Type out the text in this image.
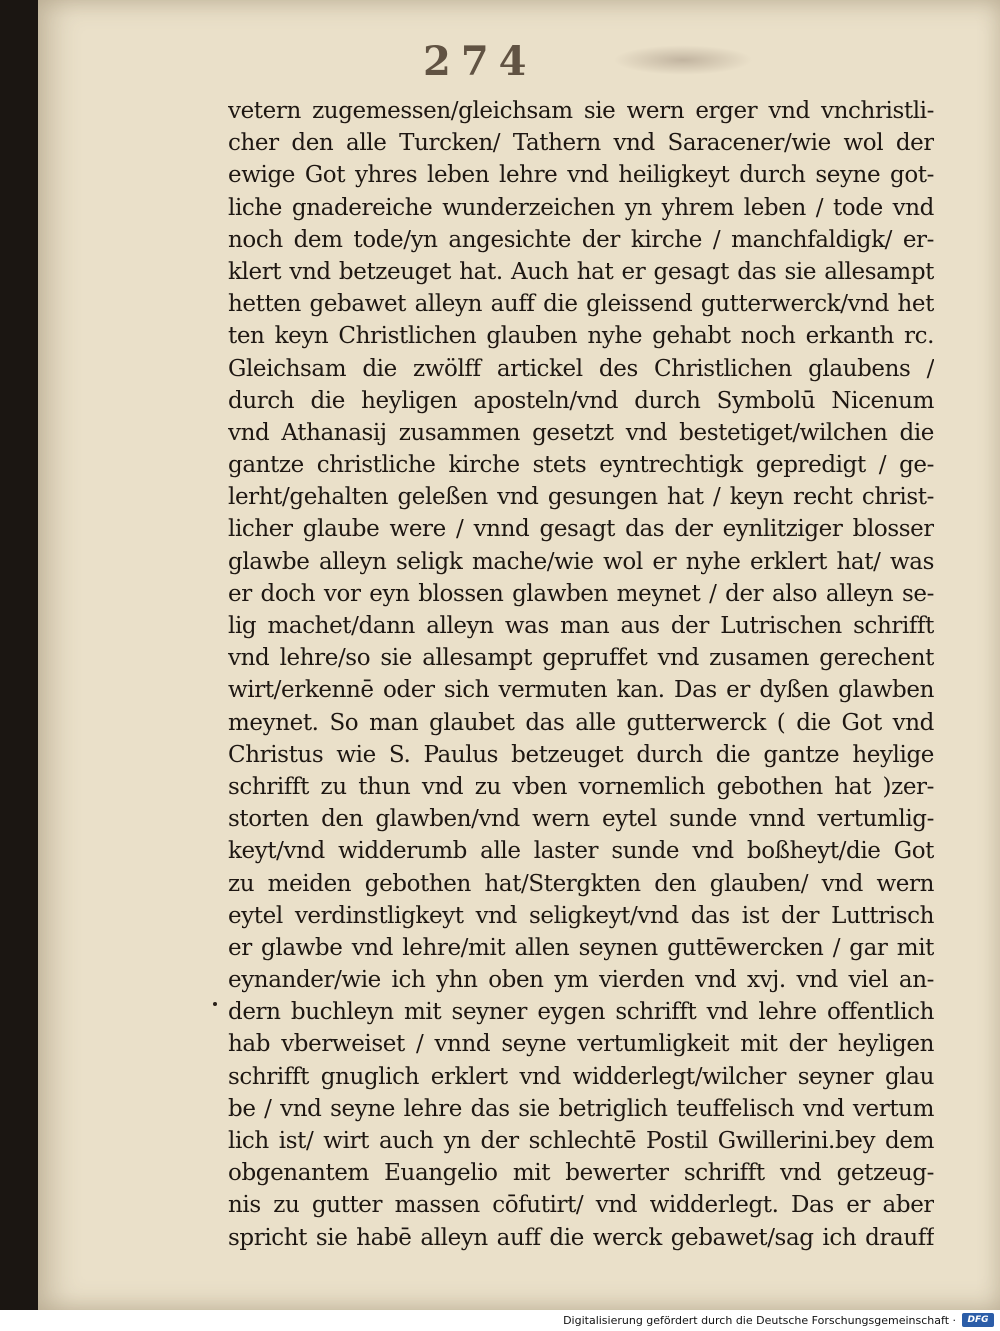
274
vetern zugemessen/gleichsam sie wern erger vnd vnchristli-
cher den alle Turcken/ Tathern vnd Saracener/wie wol der
ewige Got yhres leben lehre vnd heiligkeyt durch seyne got-
liche gnadereiche wunderzeichen yn yhrem leben / tode vnd
noch dem tode/yn angesichte der kirche / manchfaldigk/ er-
klert vnd betzeuget hat. Auch hat er gesagt das sie allesampt
hetten gebawet alleyn auff die gleissend gutterwerck/vnd het
ten keyn Christlichen glauben nyhe gehabt noch erkanth rc.
Gleichsam die zwölff artickel des Christlichen glaubens /
durch die heyligen aposteln/vnd durch Symbolū Nicenum
vnd Athanasij zusammen gesetzt vnd bestetiget/wilchen die
gantze christliche kirche stets eyntrechtigk gepredigt / ge-
lerht/gehalten geleßen vnd gesungen hat / keyn recht christ-
licher glaube were / vnnd gesagt das der eynlitziger blosser
glawbe alleyn seligk mache/wie wol er nyhe erklert hat/ was
er doch vor eyn blossen glawben meynet / der also alleyn se-
lig machet/dann alleyn was man aus der Lutrischen schrifft
vnd lehre/so sie allesampt gepruffet vnd zusamen gerechent
wirt/erkennē oder sich vermuten kan. Das er dyßen glawben
meynet. So man glaubet das alle gutterwerck ( die Got vnd
Christus wie S. Paulus betzeuget durch die gantze heylige
schrifft zu thun vnd zu vben vornemlich gebothen hat )zer-
storten den glawben/vnd wern eytel sunde vnnd vertumlig-
keyt/vnd widderumb alle laster sunde vnd boßheyt/die Got
zu meiden gebothen hat/Stergkten den glauben/ vnd wern
eytel verdinstligkeyt vnd seligkeyt/vnd das ist der Luttrisch
er glawbe vnd lehre/mit allen seynen guttēwercken / gar mit
eynander/wie ich yhn oben ym vierden vnd xvj. vnd viel an-
dern buchleyn mit seyner eygen schrifft vnd lehre offentlich
hab vberweiset / vnnd seyne vertumligkeit mit der heyligen
schrifft gnuglich erklert vnd widderlegt/wilcher seyner glau
be / vnd seyne lehre das sie betriglich teuffelisch vnd vertum
lich ist/ wirt auch yn der schlechtē Postil Gwillerini.bey dem
obgenantem Euangelio mit bewerter schrifft vnd getzeug-
nis zu gutter massen cōfutirt/ vnd widderlegt. Das er aber
spricht sie habē alleyn auff die werck gebawet/sag ich drauff
Digitalisierung gefördert durch die Deutsche Forschungsgemeinschaft ·	DFG
